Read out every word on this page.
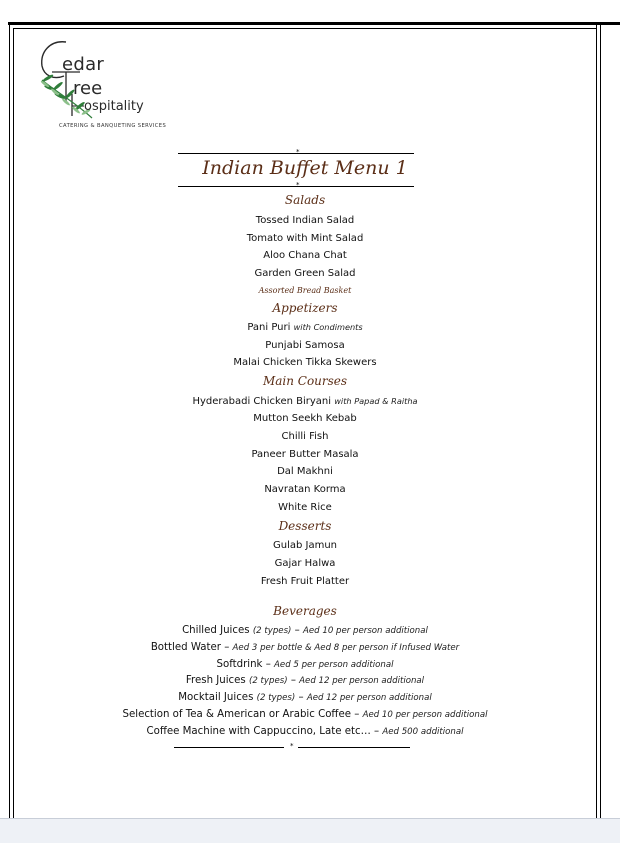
edar
ree
ospitality
CATERING & BANQUETING SERVICES
*
Indian Buffet Menu 1
*
Salads
Tossed Indian Salad
Tomato with Mint Salad
Aloo Chana Chat
Garden Green Salad
Assorted Bread Basket
Appetizers
Pani Puri with Condiments
Punjabi Samosa
Malai Chicken Tikka Skewers
Main Courses
Hyderabadi Chicken Biryani with Papad & Raitha
Mutton Seekh Kebab
Chilli Fish
Paneer Butter Masala
Dal Makhni
Navratan Korma
White Rice
Desserts
Gulab Jamun
Gajar Halwa
Fresh Fruit Platter
Beverages
Chilled Juices (2 types) – Aed 10 per person additional
Bottled Water – Aed 3 per bottle & Aed 8 per person if Infused Water
Softdrink – Aed 5 per person additional
Fresh Juices (2 types) – Aed 12 per person additional
Mocktail Juices (2 types) – Aed 12 per person additional
Selection of Tea & American or Arabic Coffee – Aed 10 per person additional
Coffee Machine with Cappuccino, Late etc… – Aed 500 additional
*
